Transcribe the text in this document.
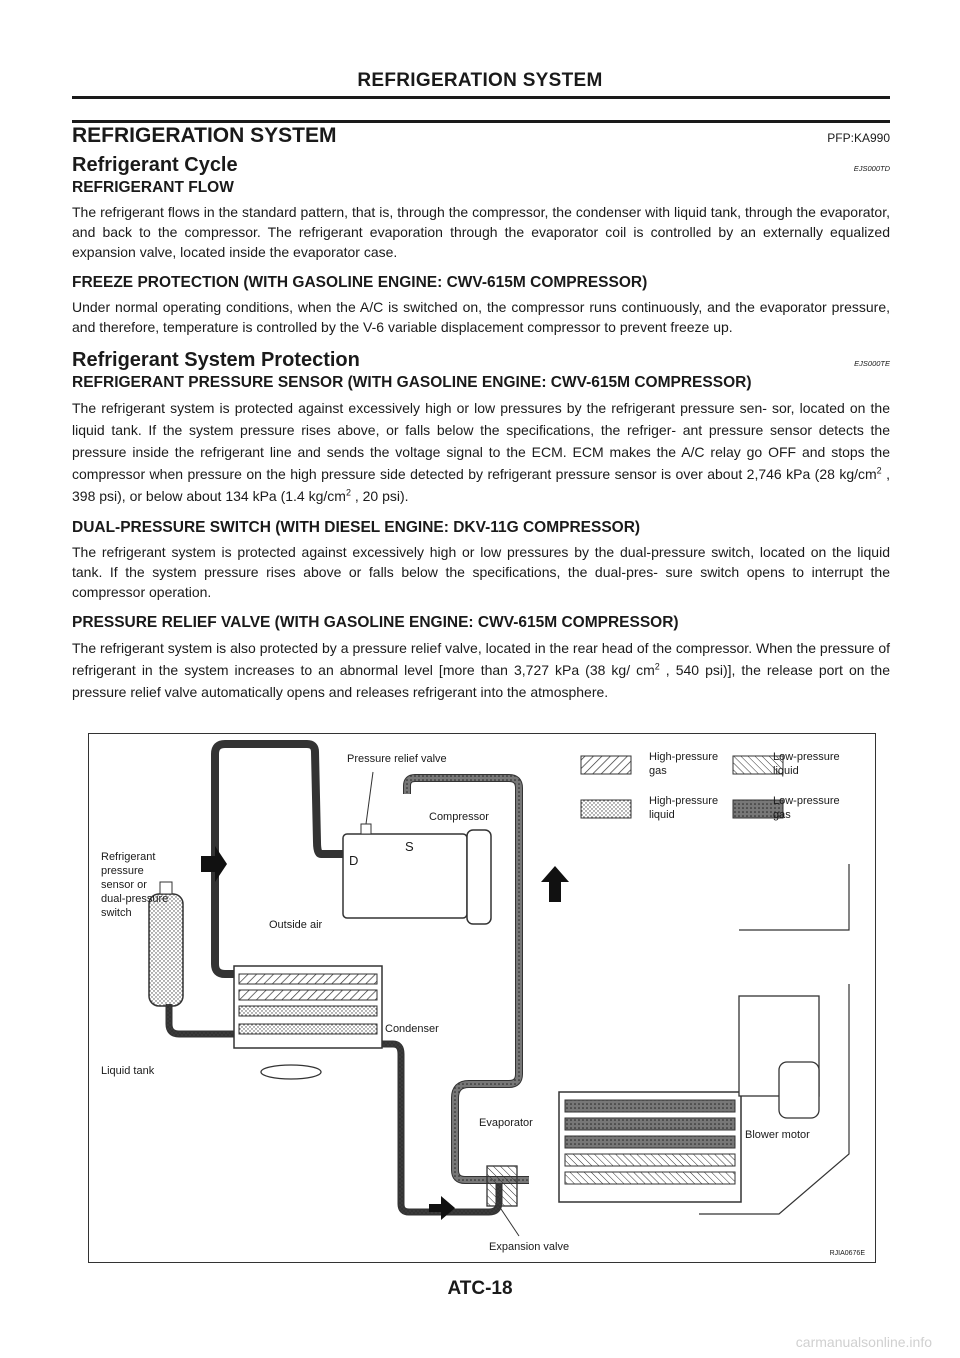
REFRIGERATION SYSTEM
REFRIGERATION SYSTEM	PFP:KA990
Refrigerant Cycle	EJS000TD
REFRIGERANT FLOW

The refrigerant flows in the standard pattern, that is, through the compressor, the condenser with liquid tank, through the evaporator, and back to the compressor. The refrigerant evaporation through the evaporator coil is controlled by an externally equalized expansion valve, located inside the evaporator case.

FREEZE PROTECTION (WITH GASOLINE ENGINE: CWV-615M COMPRESSOR)

Under normal operating conditions, when the A/C is switched on, the compressor runs continuously, and the evaporator pressure, and therefore, temperature is controlled by the V-6 variable displacement compressor to prevent freeze up.

Refrigerant System Protection	EJS000TE
REFRIGERANT PRESSURE SENSOR (WITH GASOLINE ENGINE: CWV-615M COMPRESSOR)

The refrigerant system is protected against excessively high or low pressures by the refrigerant pressure sen- sor, located on the liquid tank. If the system pressure rises above, or falls below the specifications, the refriger- ant pressure sensor detects the pressure inside the refrigerant line and sends the voltage signal to the ECM. ECM makes the A/C relay go OFF and stops the compressor when pressure on the high pressure side detected by refrigerant pressure sensor is over about 2,746 kPa (28 $kg/cm^2$ , 398 psi), or below about 134 kPa (1.4 $kg/cm^2$ , 20 psi).

DUAL-PRESSURE SWITCH (WITH DIESEL ENGINE: DKV-11G COMPRESSOR)

The refrigerant system is protected against excessively high or low pressures by the dual-pressure switch, located on the liquid tank. If the system pressure rises above or falls below the specifications, the dual-pres- sure switch opens to interrupt the compressor operation.

PRESSURE RELIEF VALVE (WITH GASOLINE ENGINE: CWV-615M COMPRESSOR)

The refrigerant system is also protected by a pressure relief valve, located in the rear head of the compressor. When the pressure of refrigerant in the system increases to an abnormal level [more than 3,727 kPa (38 kg/ $cm^2$ , 540 psi)], the release port on the pressure relief valve automatically opens and releases refrigerant into the atmosphere.

Pressure relief valve
Compressor
D
S
Refrigerant
pressure
sensor or
dual-pressure
switch
Outside air
Condenser
Liquid tank
Evaporator
Expansion valve
Blower motor
High-pressure
gas
Low-pressure
liquid
High-pressure
liquid
Low-pressure
gas
RJIA0676E
ATC-18
carmanualsonline.info
